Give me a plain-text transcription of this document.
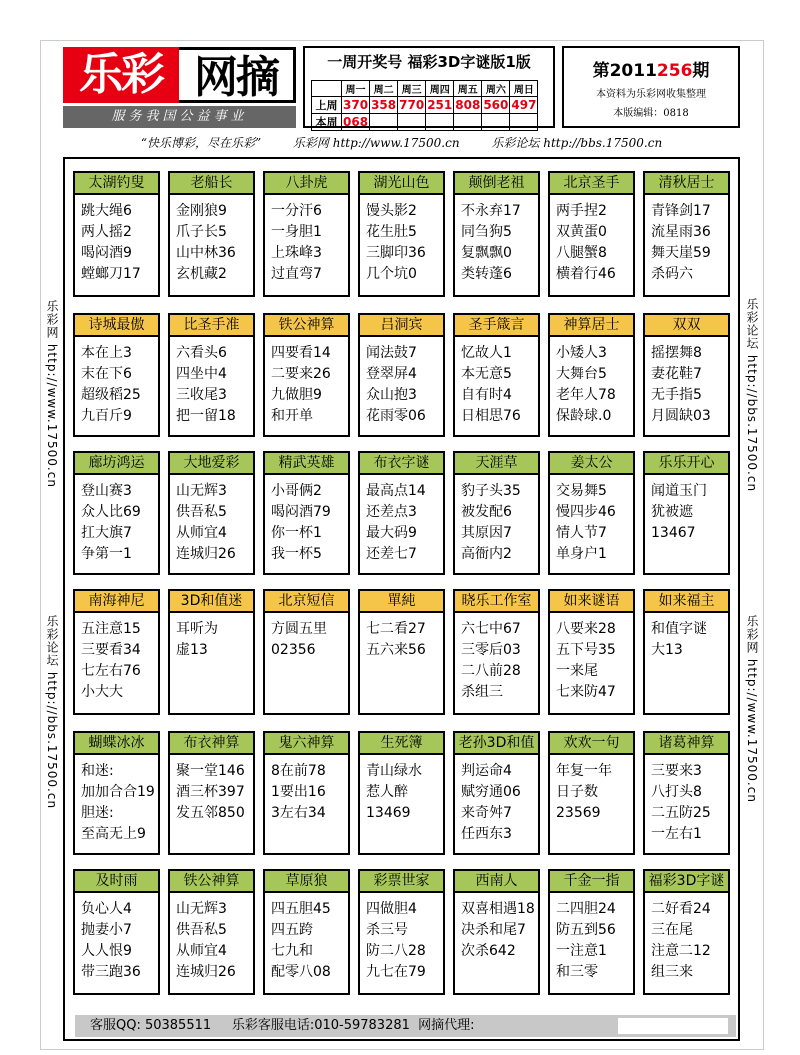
乐彩 网摘
服务我国公益事业
一周开奖号 福彩3D字谜版1版
	周一	周二	周三	周四	周五	周六	周日
上周	370	358	770	251	808	560	497
本周	068						
第2011256期
本资料为乐彩网收集整理
本版编辑：0818
“快乐博彩，尽在乐彩”	乐彩网 http://www.17500.cn	乐彩论坛 http://bbs.17500.cn
乐彩网 http://www.17500.cn
乐彩论坛 http://bbs.17500.cn
乐彩论坛 http://bbs.17500.cn
乐彩网 http://www.17500.cn
太湖钓叟
跳大绳6
两人摇2
喝闷酒9
螳螂刀17
老船长
金刚狼9
爪子长5
山中林36
玄机藏2
八卦虎
一分汗6
一身胆1
上珠峰3
过直弯7
湖光山色
馒头影2
花生肚5
三脚印36
几个坑0
颠倒老祖
不永弃17
同刍狗5
复飘飘0
类转蓬6
北京圣手
两手捏2
双黄蛋0
八腿蟹8
横着行46
清秋居士
青锋剑17
流星雨36
舞天崖59
杀码六
诗城最傲
本在上3
末在下6
超级稻25
九百斤9
比圣手准
六看头6
四坐中4
三收尾3
把一留18
铁公神算
四要看14
二要来26
九做胆9
和开单
吕洞宾
闻法鼓7
登翠屏4
众山抱3
花雨零06
圣手箴言
忆故人1
本无意5
自有时4
日相思76
神算居士
小矮人3
大舞台5
老年人78
保龄球.0
双双
摇摆舞8
妻花鞋7
无手指5
月圆缺03
廊坊鸿运
登山赛3
众人比69
扛大旗7
争第一1
大地爱彩
山无辉3
供吾私5
从师宜4
连城归26
精武英雄
小哥俩2
喝闷酒79
你一杯1
我一杯5
布衣字谜
最高点14
还差点3
最大码9
还差七7
天涯草
豹子头35
被发配6
其原因7
高衙内2
姜太公
交易舞5
慢四步46
情人节7
单身户1
乐乐开心
闻道玉门
犹被遮
13467
南海神尼
五注意15
三要看34
七左右76
小大大
3D和值迷
耳听为
虚13
北京短信
方圆五里
02356
單純
七二看27
五六来56
晓乐工作室
六七中67
三零后03
二八前28
杀组三
如来谜语
八要来28
五下号35
一来尾
七来防47
如来福主
和值字谜
大13
蝴蝶冰冰
和迷:
加加合合19
胆迷:
至高无上9
布衣神算
聚一堂146
酒三杯397
发五邻850
鬼六神算
8在前78
1要出16
3左右34
生死簿
青山绿水
惹人醉
13469
老孙3D和值
判运命4
赋穷通06
来奇舛7
任西东3
欢欢一句
年复一年
日子数
23569
诸葛神算
三要来3
八打头8
二五防25
一左右1
及时雨
负心人4
抛妻小7
人人恨9
带三跑36
铁公神算
山无辉3
供吾私5
从师宜4
连城归26
草原狼
四五胆45
四五跨
七九和
配零八08
彩票世家
四做胆4
杀三号
防二八28
九七在79
西南人
双喜相遇18
决杀和尾7
次杀642
千金一指
二四胆24
防五到56
一注意1
和三零
福彩3D字谜
二好看24
三在尾
注意二12
组三来
客服QQ: 50385511 乐彩客服电话:010-59783281 网摘代理:
